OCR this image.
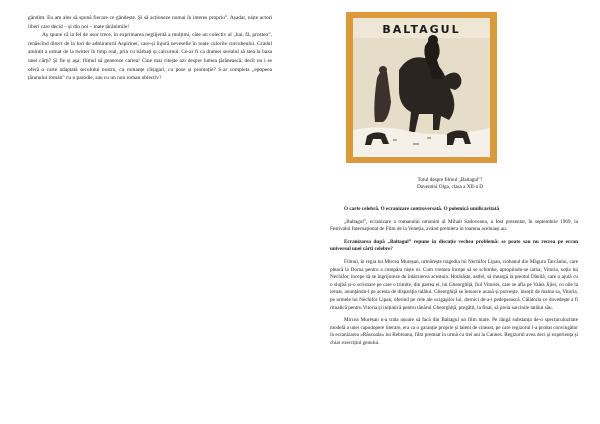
gândim. Eu am ales să spună fiecare ce gândește. Și să acționeze numai în interes propriu”. Așadar, niște actori liberi care decid – și din noi – toate țărănimile!

Aș spune că la fel de usor trece, în exprimarea neglijentă a mulțimi, căte un colectiv al „hai, fă, prosteo”, renăscînd direct de la lori de admiratorii Aspirinei, care-și înjură neveselie în toate culorile curcubeului. Gradul amintit a urmat de la twitter în timp real, prin cu bărbați și calcurnul. Ce-ar fi ca dramei serialul să stea la baza unei cărți? Și fie și așa: filmul să genereze cartea! Cine mai citește azi despre lumea țărănească, decît nu i se oferă o carte adaptată secolului nostru, cu romanțe clișigari, cu pose și promoție? S-ar completa „epopeea țăranului român” cu o parodie, sau cu un nou roman obiectiv?

BALTAGUL
Totul despre filmul „Baltagul”!
Daventiní Olga, clasa a XII-a D

O carte celebră. O ecranizare controversată. O polemică umilicavitată

„Baltagul”, ecranizare a romanului omonim al Mihail Sadoveanu, a fost prezentat, în septembrie 1969, la Festivalul Internațional de Film de la Veneția, având premiera în toamna aceluiași an.

Ecranizarea după „Baltagul” repune în discuție vechea problemă: se poate sau nu recrea pe ecran universul unei cărți celebre?

Filmul, în regia lui Mircea Mureșan, urmărește tragedia lui Nechifor Lipan, ciobanul din Măgura Tarcăului, care pleacă la Dorna pentru a cumpăra niște oi. Cum vremea începe să se schimbe, apropiindu-se iarna, Vitoria, soția lui Nechifor, începe să se îngrijoreze de întârzierea acestuia. Hotărăște, astfel, să meargă la preotul Dănilă, care o ajută cu o slujbă și-o scrisoare pe care o trimite, din partea ei, lui Gheorghiță, fiul Vitoriei, care se afla pe Valea Jijiei, cu oile la iernat, anunțându-l pe acesta de dispariția tatălui. Gheorghiță se întoarce acasă și pornește, însoțit de mama sa, Vitoria, pe urmele lui Nechifor Lipan, oferind pe cele ale ucigașilor lui, dornici de-a-i pedepsească. Călătoria ce dovedește a fi ritualică pentru Vitoria și inițiatică pentru tânărul Gheorghiță, pregătit, la final, să preia sarcinile tatălui său.

Mircea Mureșan n-a trata ușoare să facă din Baltagul un film mare. Pe lângă substanța de-o spectaculozitate modelă a unei capodopere literare, era ca o garanție proprie și talent de cineast, pe care regizorul l-a probat convingător în ecranizarea «Răscoala» lui Rebreanu, film premiat în urmă cu trei ani la Cannes. Regizorul avea deci și experiența și chiar exercițiul genului.
